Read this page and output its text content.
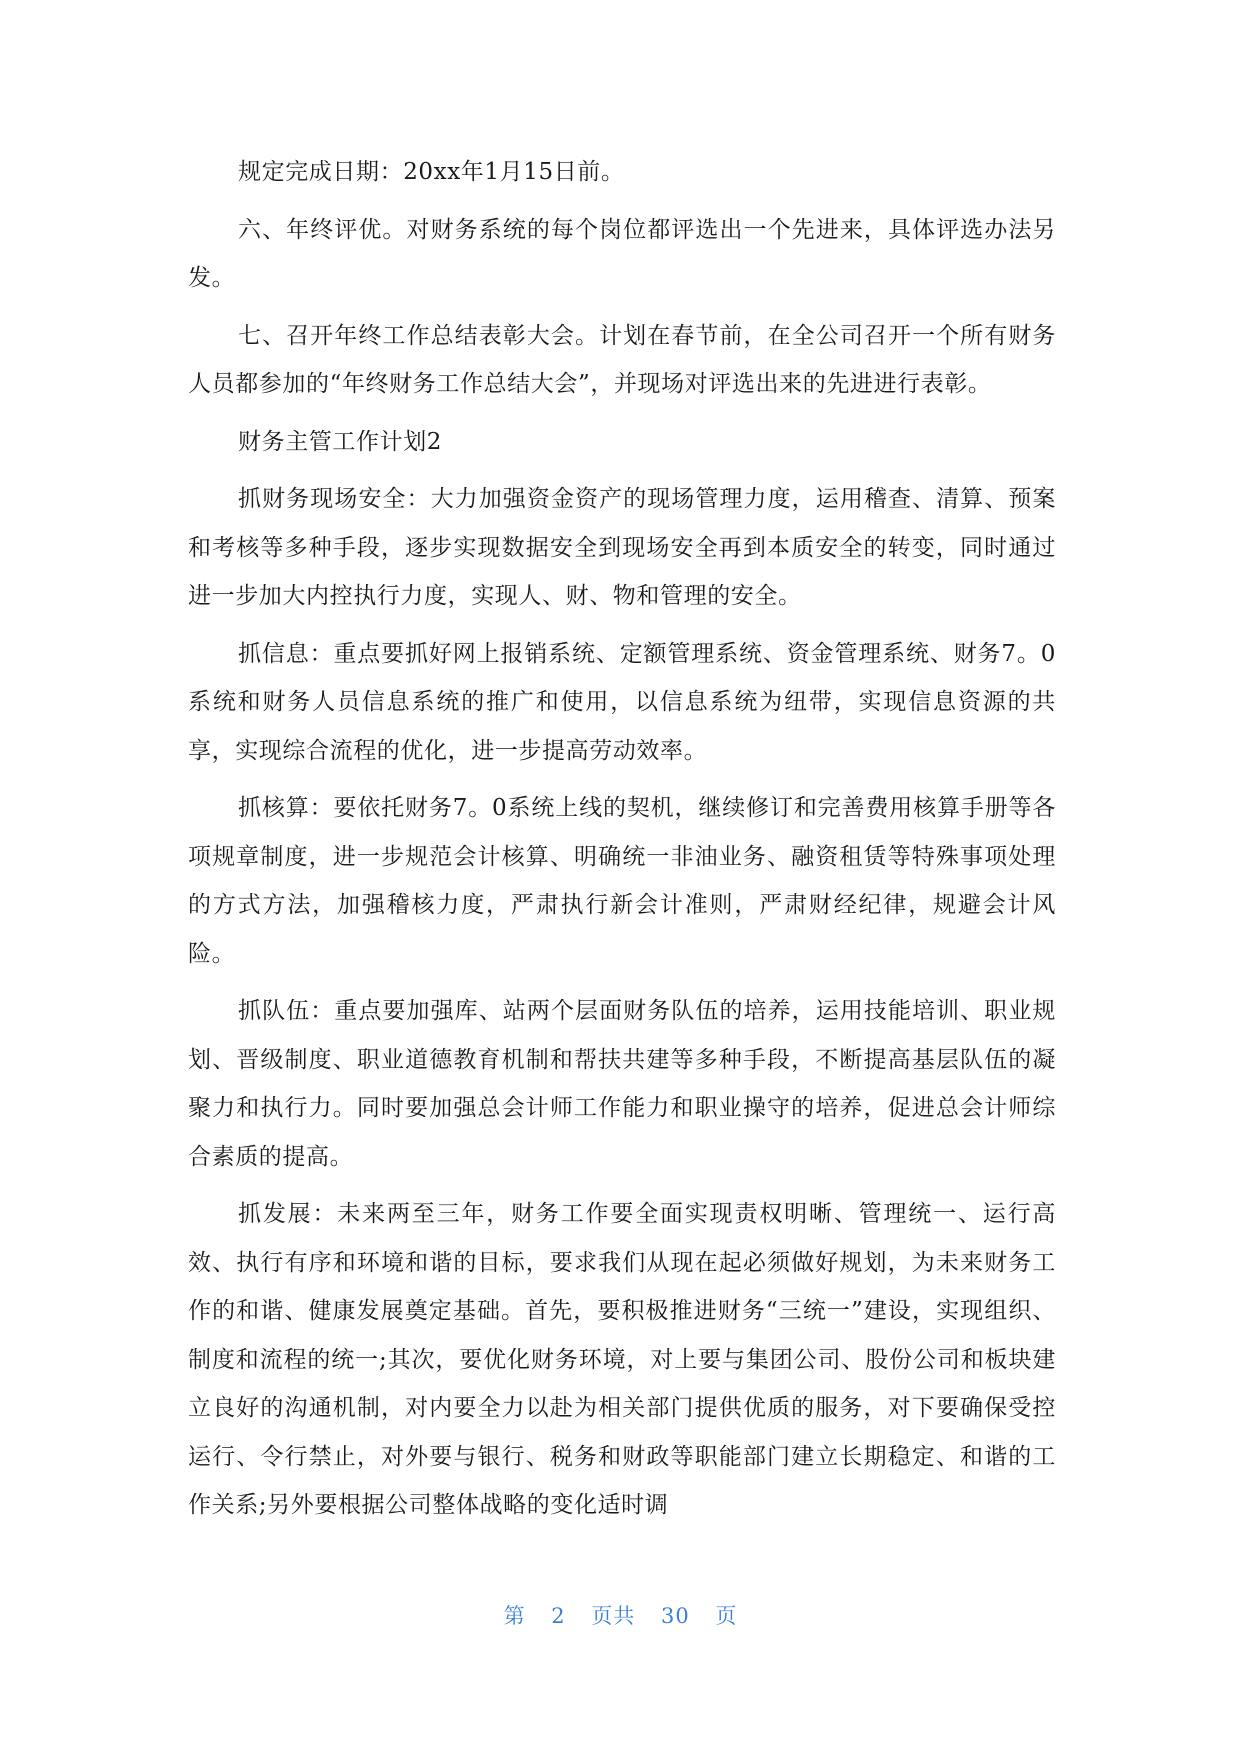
规定完成日期：20xx年1月15日前。

六、年终评优。对财务系统的每个岗位都评选出一个先进来，具体评选办法另发。

七、召开年终工作总结表彰大会。计划在春节前，在全公司召开一个所有财务人员都参加的“年终财务工作总结大会”，并现场对评选出来的先进进行表彰。

财务主管工作计划2

抓财务现场安全：大力加强资金资产的现场管理力度，运用稽查、清算、预案和考核等多种手段，逐步实现数据安全到现场安全再到本质安全的转变，同时通过进一步加大内控执行力度，实现人、财、物和管理的安全。

抓信息：重点要抓好网上报销系统、定额管理系统、资金管理系统、财务7。0系统和财务人员信息系统的推广和使用，以信息系统为纽带，实现信息资源的共享，实现综合流程的优化，进一步提高劳动效率。

抓核算：要依托财务7。0系统上线的契机，继续修订和完善费用核算手册等各项规章制度，进一步规范会计核算、明确统一非油业务、融资租赁等特殊事项处理的方式方法，加强稽核力度，严肃执行新会计准则，严肃财经纪律，规避会计风险。

抓队伍：重点要加强库、站两个层面财务队伍的培养，运用技能培训、职业规划、晋级制度、职业道德教育机制和帮扶共建等多种手段，不断提高基层队伍的凝聚力和执行力。同时要加强总会计师工作能力和职业操守的培养，促进总会计师综合素质的提高。

抓发展：未来两至三年，财务工作要全面实现责权明晰、管理统一、运行高效、执行有序和环境和谐的目标，要求我们从现在起必须做好规划，为未来财务工作的和谐、健康发展奠定基础。首先，要积极推进财务“三统一”建设，实现组织、制度和流程的统一;其次，要优化财务环境，对上要与集团公司、股份公司和板块建立良好的沟通机制，对内要全力以赴为相关部门提供优质的服务，对下要确保受控运行、令行禁止，对外要与银行、税务和财政等职能部门建立长期稳定、和谐的工作关系;另外要根据公司整体战略的变化适时调

第 2 页共 30 页
